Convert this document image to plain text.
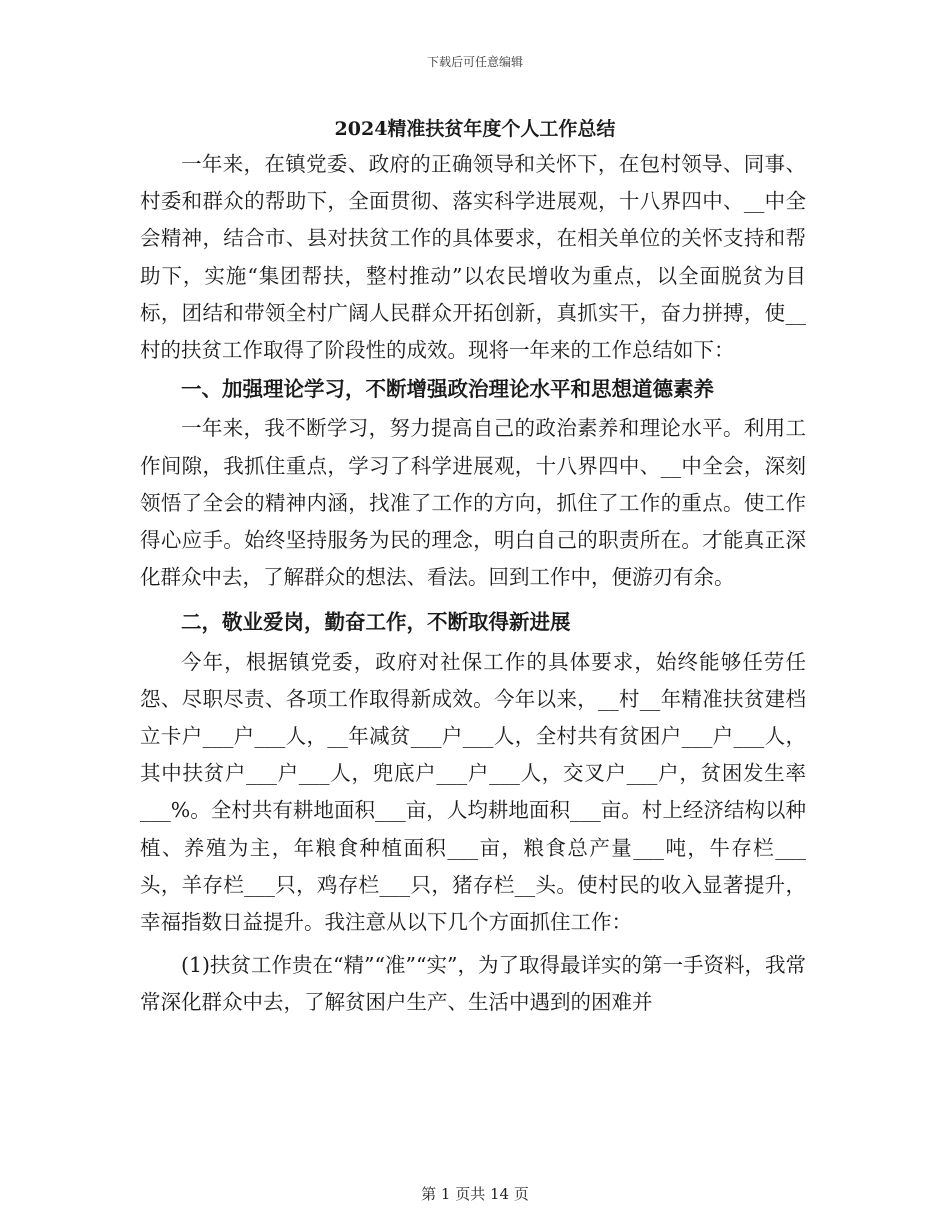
下载后可任意编辑
2024精准扶贫年度个人工作总结

一年来，在镇党委、政府的正确领导和关怀下，在包村领导、同事、村委和群众的帮助下，全面贯彻、落实科学进展观，十八界四中、__中全会精神，结合市、县对扶贫工作的具体要求，在相关单位的关怀支持和帮助下，实施“集团帮扶，整村推动”以农民增收为重点，以全面脱贫为目标，团结和带领全村广阔人民群众开拓创新，真抓实干，奋力拼搏，使__村的扶贫工作取得了阶段性的成效。现将一年来的工作总结如下：

一、加强理论学习，不断增强政治理论水平和思想道德素养

一年来，我不断学习，努力提高自己的政治素养和理论水平。利用工作间隙，我抓住重点，学习了科学进展观，十八界四中、__中全会，深刻领悟了全会的精神内涵，找准了工作的方向，抓住了工作的重点。使工作得心应手。始终坚持服务为民的理念，明白自己的职责所在。才能真正深化群众中去，了解群众的想法、看法。回到工作中，便游刃有余。

二，敬业爱岗，勤奋工作，不断取得新进展

今年，根据镇党委，政府对社保工作的具体要求，始终能够任劳任怨、尽职尽责、各项工作取得新成效。今年以来，__村__年精准扶贫建档立卡户___户___人，__年减贫___户___人，全村共有贫困户___户___人，其中扶贫户___户___人，兜底户___户___人，交叉户___户，贫困发生率___%。全村共有耕地面积___亩，人均耕地面积___亩。村上经济结构以种植、养殖为主，年粮食种植面积___亩，粮食总产量___吨，牛存栏___头，羊存栏___只，鸡存栏___只，猪存栏__头。使村民的收入显著提升，幸福指数日益提升。我注意从以下几个方面抓住工作：

(1)扶贫工作贵在“精”“准”“实”，为了取得最详实的第一手资料，我常常深化群众中去，了解贫困户生产、生活中遇到的困难并

第 1 页共 14 页
